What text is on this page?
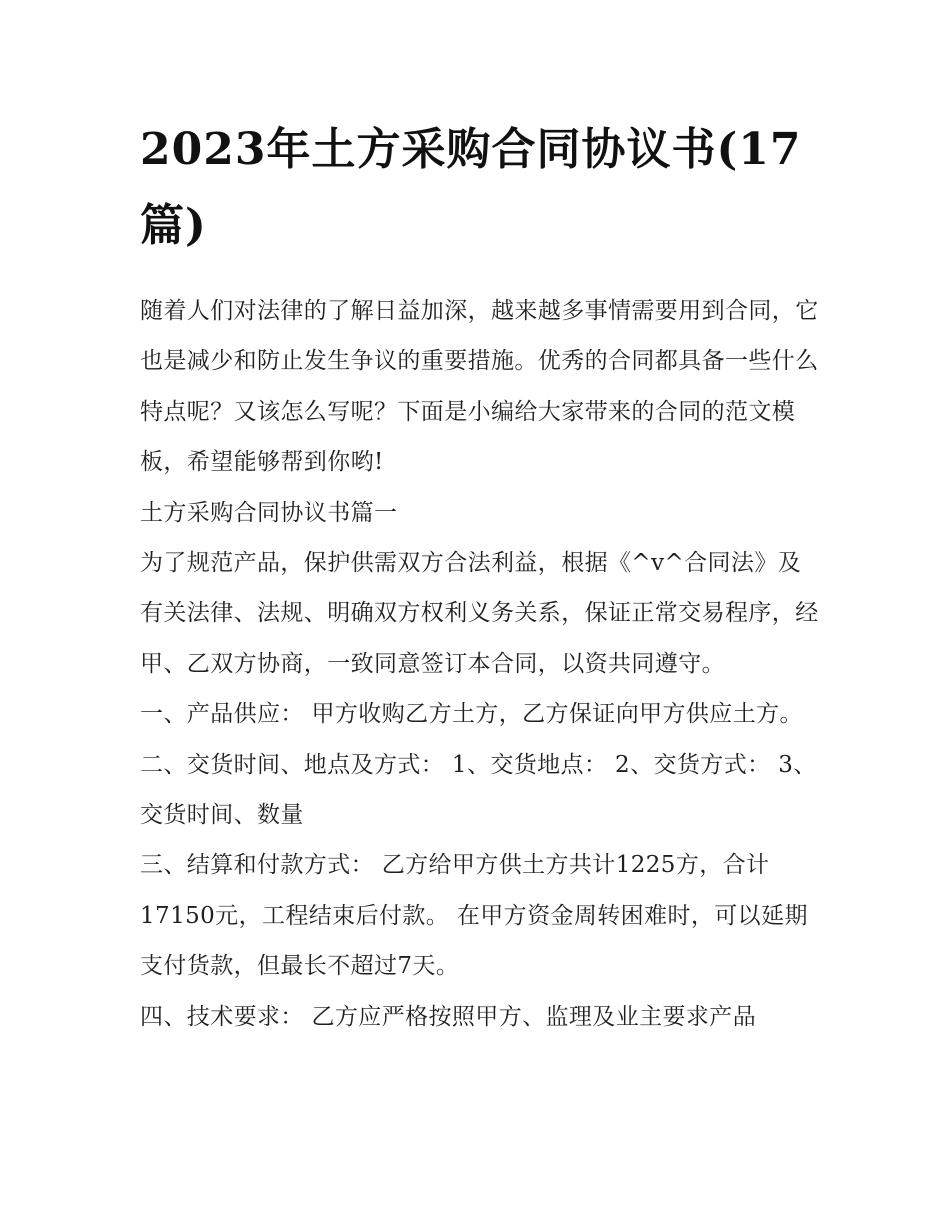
2023年土方采购合同协议书(17篇)

随着人们对法律的了解日益加深，越来越多事情需要用到合同，它也是减少和防止发生争议的重要措施。优秀的合同都具备一些什么特点呢？又该怎么写呢？下面是小编给大家带来的合同的范文模板，希望能够帮到你哟!

土方采购合同协议书篇一

为了规范产品，保护供需双方合法利益，根据《^v^合同法》及有关法律、法规、明确双方权利义务关系，保证正常交易程序，经甲、乙双方协商，一致同意签订本合同，以资共同遵守。

一、产品供应： 甲方收购乙方土方，乙方保证向甲方供应土方。 二、交货时间、地点及方式： 1、交货地点： 2、交货方式： 3、交货时间、数量

三、结算和付款方式： 乙方给甲方供土方共计1225方，合计17150元，工程结束后付款。 在甲方资金周转困难时，可以延期支付货款，但最长不超过7天。

四、技术要求： 乙方应严格按照甲方、监理及业主要求产品
